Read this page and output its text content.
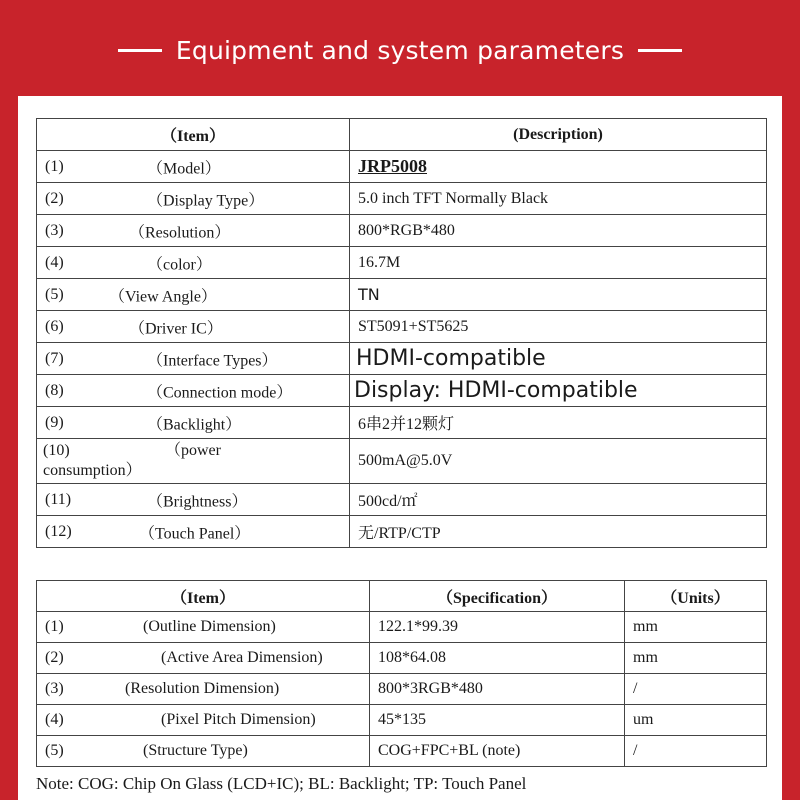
Equipment and system parameters
（Item）	(Description)
(1) （Model）	JRP5008
(2) （Display Type）	5.0 inch TFT Normally Black
(3) （Resolution）	800*RGB*480
(4) （color）	16.7M
(5) （View Angle）	TN
(6) （Driver IC）	ST5091+ST5625
(7) （Interface Types）	HDMI-compatible
(8) （Connection mode）	Display: HDMI-compatible
(9) （Backlight）	6串2并12颗灯

(10) （power
consumption）	500mA@5.0V
(11) （Brightness）	500cd/㎡
(12) （Touch Panel）	无/RTP/CTP
（Item）	（Specification）	（Units）
(1) (Outline Dimension)	122.1*99.39	mm
(2) (Active Area Dimension)	108*64.08	mm
(3) (Resolution Dimension)	800*3RGB*480	/
(4) (Pixel Pitch Dimension)	45*135	um
(5) (Structure Type)	COG+FPC+BL (note)	/
Note: COG: Chip On Glass (LCD+IC); BL: Backlight; TP: Touch Panel
